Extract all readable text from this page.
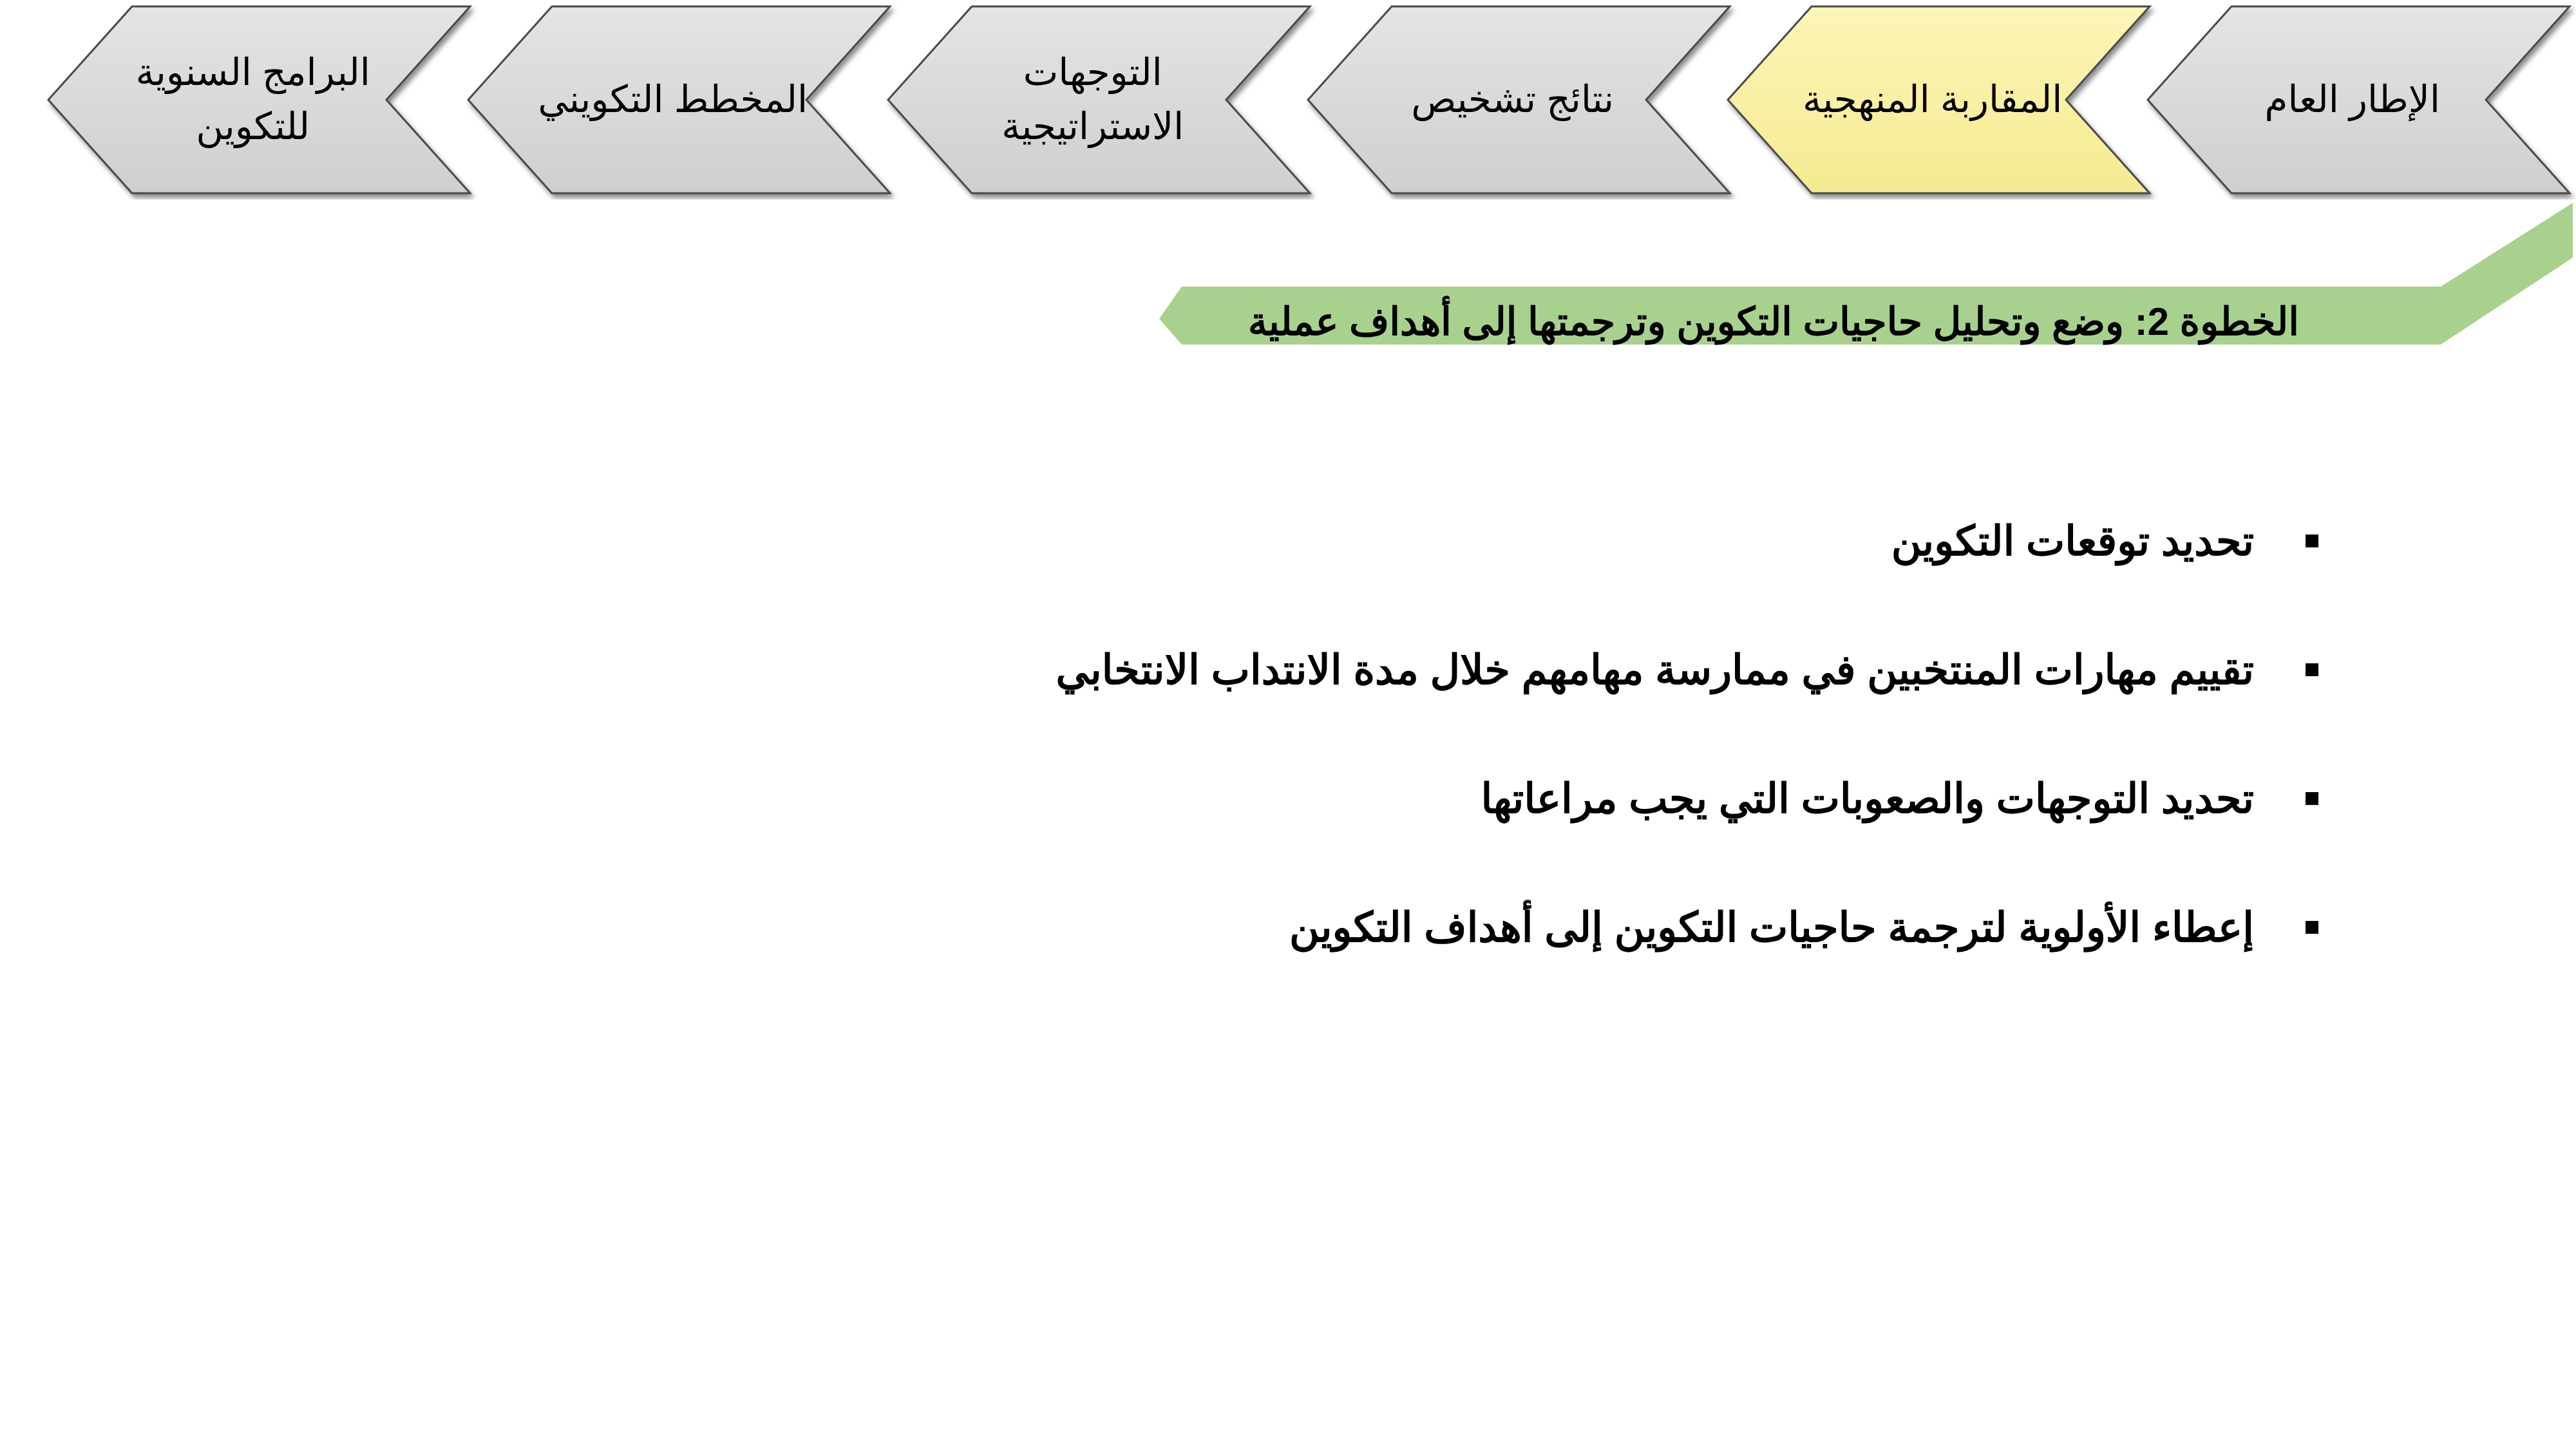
الإطار العام
المقاربة المنهجية
نتائج تشخيص
التوجهات
الاستراتيجية
المخطط التكويني
البرامج السنوية
للتكوين
الخطوة 2: وضع وتحليل حاجيات التكوين وترجمتها إلى أهداف عملية
تحديد توقعات التكوين
تقييم مهارات المنتخبين في ممارسة مهامهم خلال مدة الانتداب الانتخابي
تحديد التوجهات والصعوبات التي يجب مراعاتها
إعطاء الأولوية لترجمة حاجيات التكوين إلى أهداف التكوين
